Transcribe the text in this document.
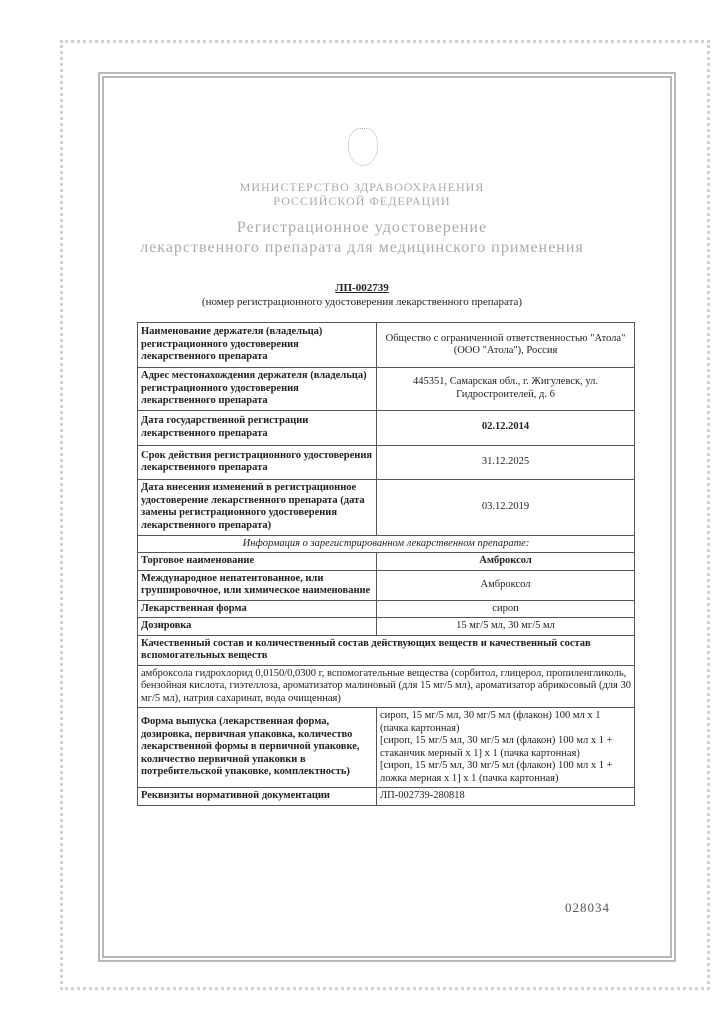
МИНИСТЕРСТВО ЗДРАВООХРАНЕНИЯ
РОССИЙСКОЙ ФЕДЕРАЦИИ
Регистрационное удостоверение
лекарственного препарата для медицинского применения
ЛП-002739
(номер регистрационного удостоверения лекарственного препарата)
Наименование держателя (владельца) регистрационного удостоверения лекарственного препарата	Общество с ограниченной ответственностью "Атола" (ООО "Атола"), Россия
Адрес местонахождения держателя (владельца) регистрационного удостоверения лекарственного препарата	445351, Самарская обл., г. Жигулевск, ул. Гидростроителей, д. 6
Дата государственной регистрации лекарственного препарата	02.12.2014
Срок действия регистрационного удостоверения лекарственного препарата	31.12.2025
Дата внесения изменений в регистрационное удостоверение лекарственного препарата (дата замены регистрационного удостоверения лекарственного препарата)	03.12.2019
Информация о зарегистрированном лекарственном препарате:	
Торговое наименование	Амброксол
Международное непатентованное, или группировочное, или химическое наименование	Амброксол
Лекарственная форма	сироп
Дозировка	15 мг/5 мл, 30 мг/5 мл
Качественный состав и количественный состав действующих веществ и качественный состав вспомогательных веществ	
амброксола гидрохлорид 0,0150/0,0300 г, вспомогательные вещества (сорбитол, глицерол, пропиленгликоль, бензойная кислота, гиэтеллоза, ароматизатор малиновый (для 15 мг/5 мл), ароматизатор абрикосовый (для 30 мг/5 мл), натрия сахаринат, вода очищенная)	
Форма выпуска (лекарственная форма, дозировка, первичная упаковка, количество лекарственной формы в первичной упаковке, количество первичной упаковки в потребительской упаковке, комплектность)	сироп, 15 мг/5 мл, 30 мг/5 мл (флакон) 100 мл х 1 (пачка картонная)
[сироп, 15 мг/5 мл, 30 мг/5 мл (флакон) 100 мл х 1 + стаканчик мерный х 1] х 1 (пачка картонная)
[сироп, 15 мг/5 мл, 30 мг/5 мл (флакон) 100 мл х 1 + ложка мерная х 1] х 1 (пачка картонная)

Реквизиты нормативной документации	ЛП-002739-280818
028034
